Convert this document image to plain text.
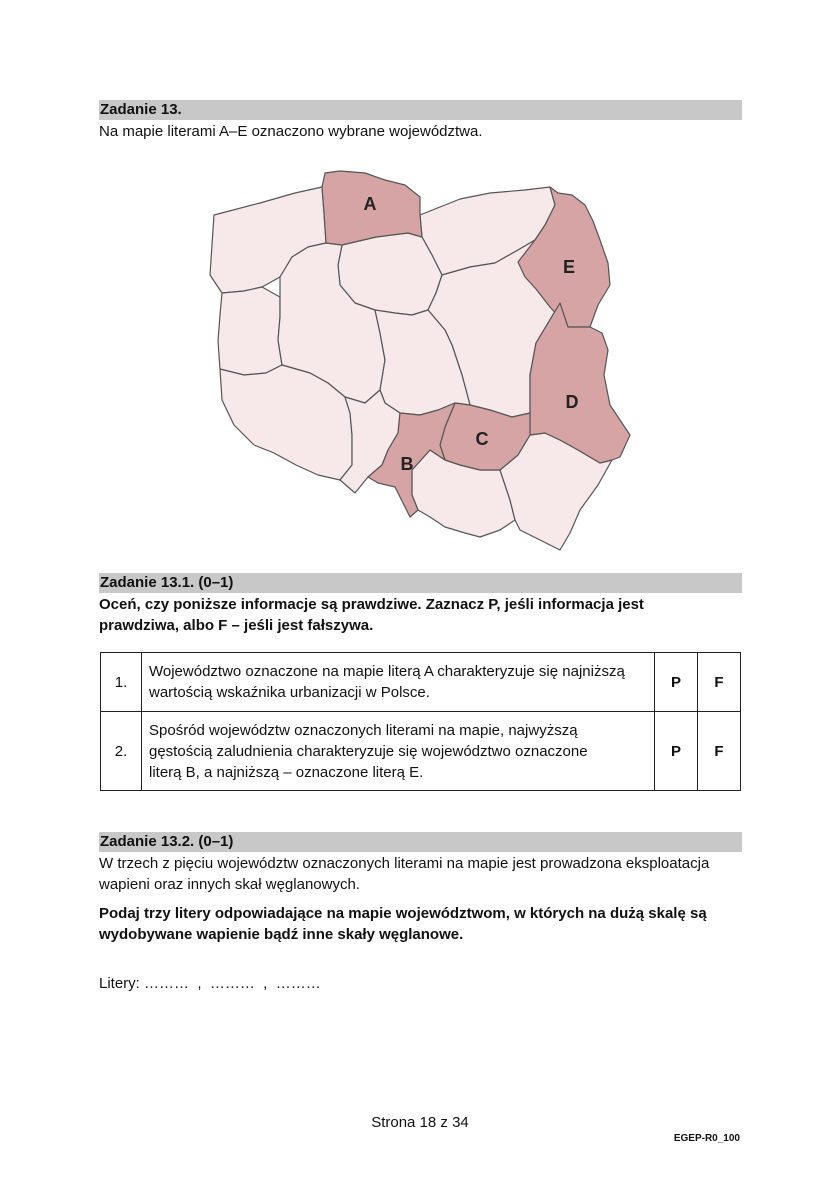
Zadanie 13.
Na mapie literami A–E oznaczono wybrane województwa.
A
E
D
C
B
Zadanie 13.1. (0–1)
Oceń, czy poniższe informacje są prawdziwe. Zaznacz P, jeśli informacja jest
prawdziwa, albo F – jeśli jest fałszywa.
1.	Województwo oznaczone na mapie literą A charakteryzuje się najniższą
wartością wskaźnika urbanizacji w Polsce.	P	F
2.	Spośród województw oznaczonych literami na mapie, najwyższą
gęstością zaludnienia charakteryzuje się województwo oznaczone
literą B, a najniższą – oznaczone literą E.	P	F
Zadanie 13.2. (0–1)
W trzech z pięciu województw oznaczonych literami na mapie jest prowadzona eksploatacja
wapieni oraz innych skał węglanowych.
Podaj trzy litery odpowiadające na mapie województwom, w których na dużą skalę są
wydobywane wapienie bądź inne skały węglanowe.
Litery: ………  ,  ………  ,  ………
Strona 18 z 34
EGEP-R0_100
